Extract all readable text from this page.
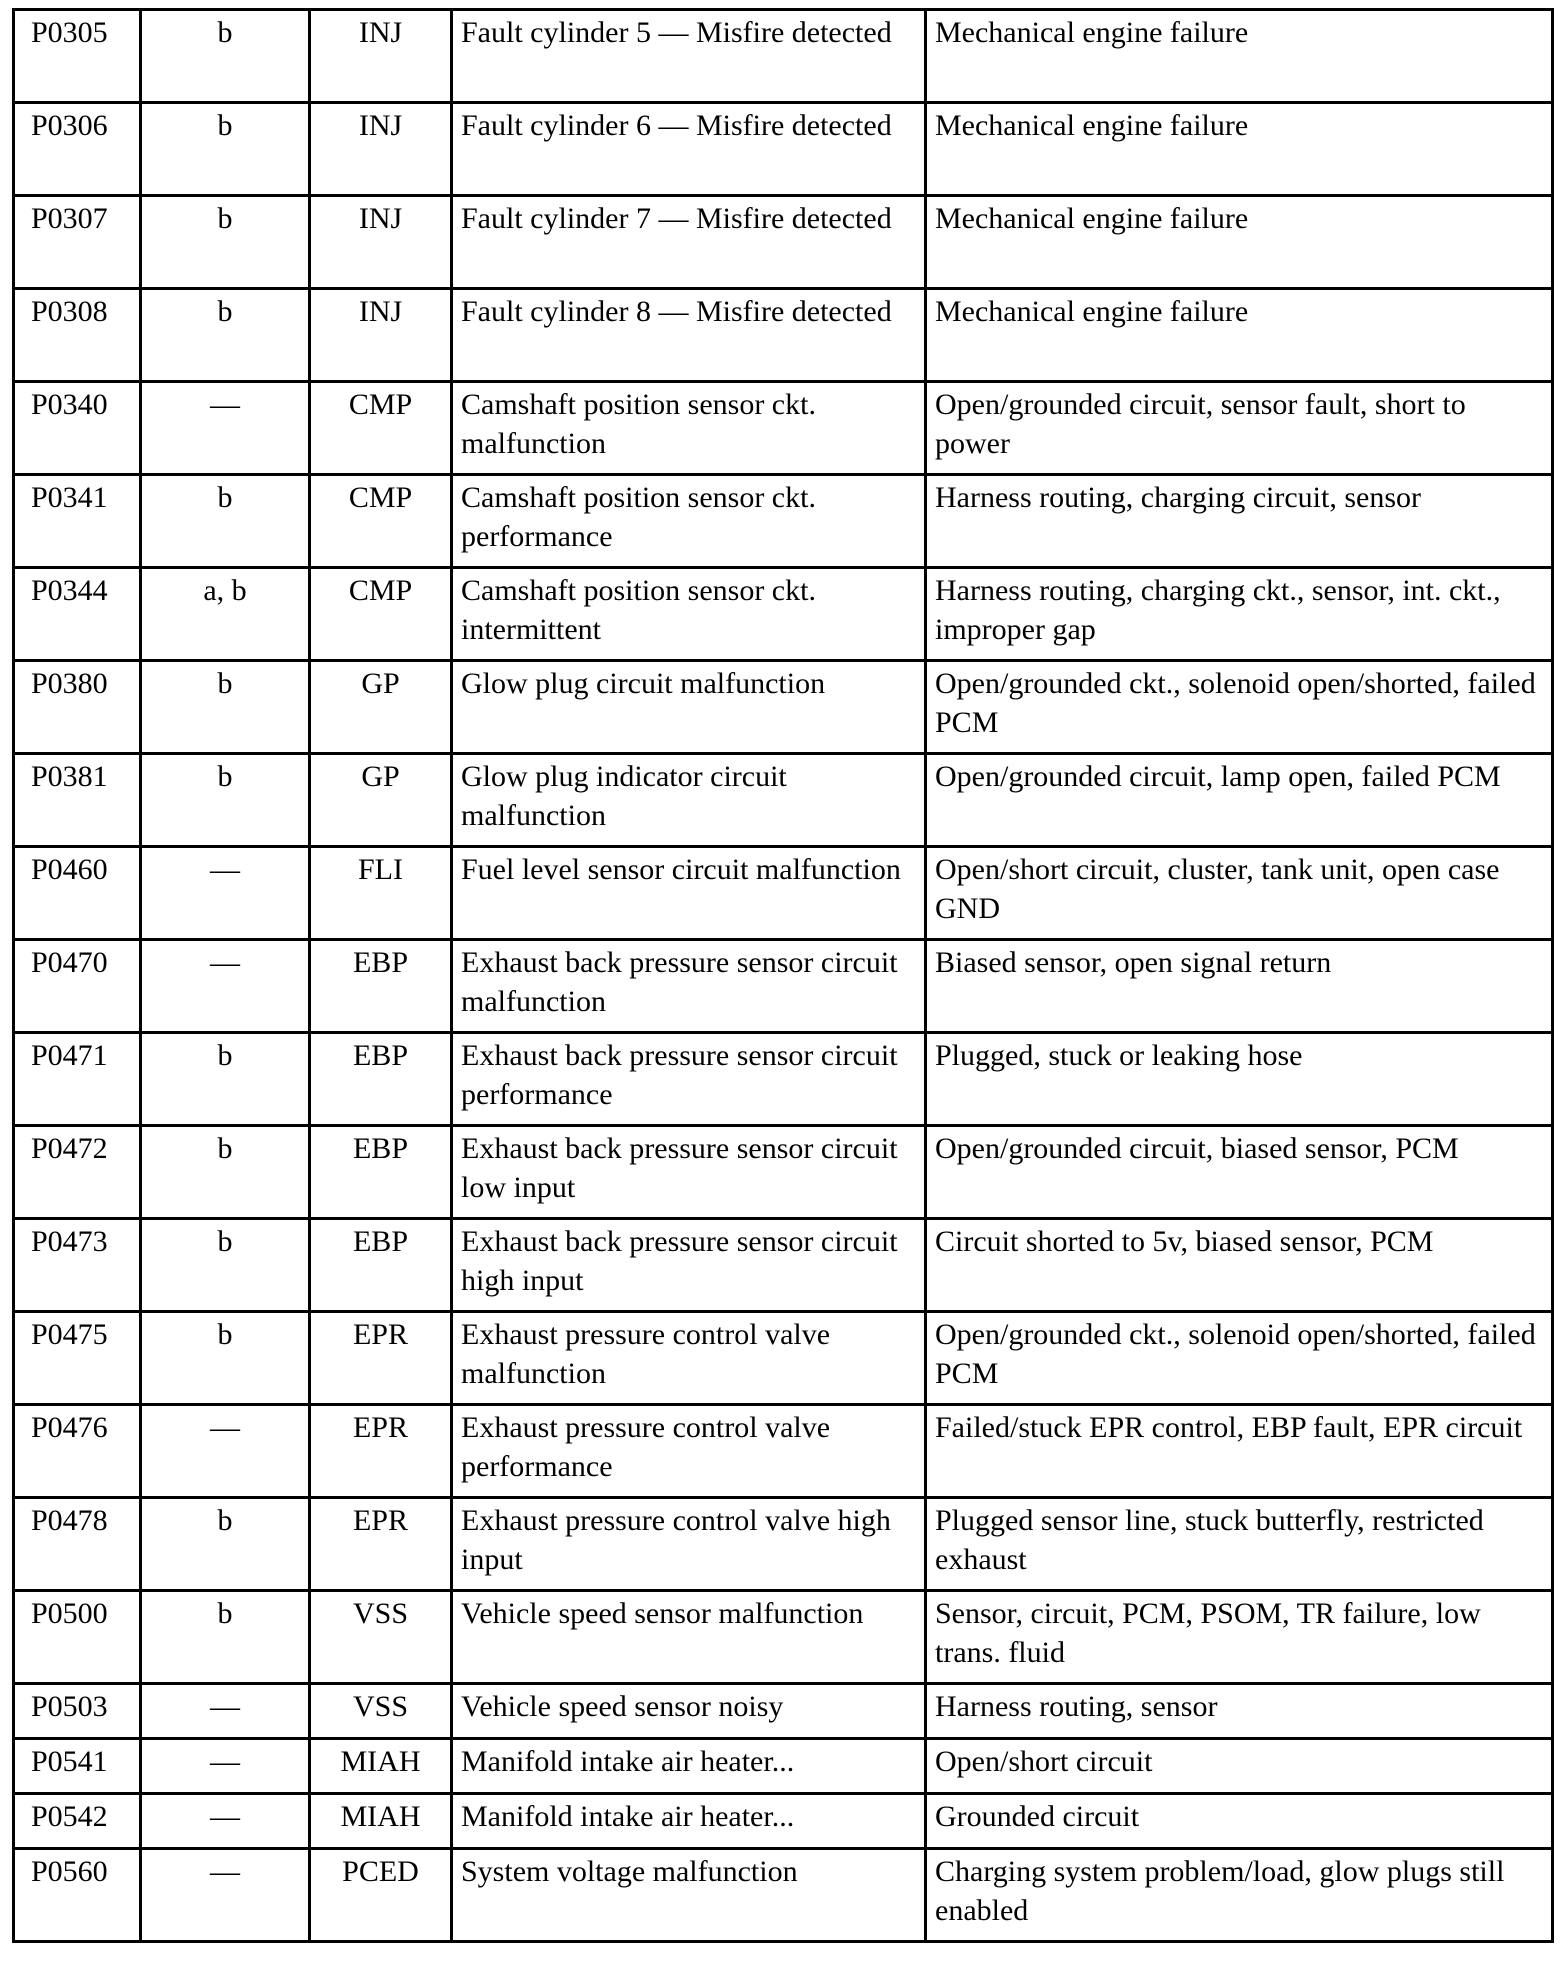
P0305	b	INJ	Fault cylinder 5 — Misfire detected	Mechanical engine failure
P0306	b	INJ	Fault cylinder 6 — Misfire detected	Mechanical engine failure
P0307	b	INJ	Fault cylinder 7 — Misfire detected	Mechanical engine failure
P0308	b	INJ	Fault cylinder 8 — Misfire detected	Mechanical engine failure
P0340	—	CMP	Camshaft position sensor ckt. malfunction	Open/grounded circuit, sensor fault, short to power
P0341	b	CMP	Camshaft position sensor ckt. performance	Harness routing, charging circuit, sensor
P0344	a, b	CMP	Camshaft position sensor ckt. intermittent	Harness routing, charging ckt., sensor, int. ckt., improper gap
P0380	b	GP	Glow plug circuit malfunction	Open/grounded ckt., solenoid open/shorted, failed PCM
P0381	b	GP	Glow plug indicator circuit malfunction	Open/grounded circuit, lamp open, failed PCM
P0460	—	FLI	Fuel level sensor circuit malfunction	Open/short circuit, cluster, tank unit, open case GND
P0470	—	EBP	Exhaust back pressure sensor circuit malfunction	Biased sensor, open signal return
P0471	b	EBP	Exhaust back pressure sensor circuit performance	Plugged, stuck or leaking hose
P0472	b	EBP	Exhaust back pressure sensor circuit low input	Open/grounded circuit, biased sensor, PCM
P0473	b	EBP	Exhaust back pressure sensor circuit high input	Circuit shorted to 5v, biased sensor, PCM
P0475	b	EPR	Exhaust pressure control valve malfunction	Open/grounded ckt., solenoid open/shorted, failed PCM
P0476	—	EPR	Exhaust pressure control valve performance	Failed/stuck EPR control, EBP fault, EPR circuit
P0478	b	EPR	Exhaust pressure control valve high input	Plugged sensor line, stuck butterfly, restricted exhaust
P0500	b	VSS	Vehicle speed sensor malfunction	Sensor, circuit, PCM, PSOM, TR failure, low trans. fluid
P0503	—	VSS	Vehicle speed sensor noisy	Harness routing, sensor
P0541	—	MIAH	Manifold intake air heater...	Open/short circuit
P0542	—	MIAH	Manifold intake air heater...	Grounded circuit
P0560	—	PCED	System voltage malfunction	Charging system problem/load, glow plugs still enabled
